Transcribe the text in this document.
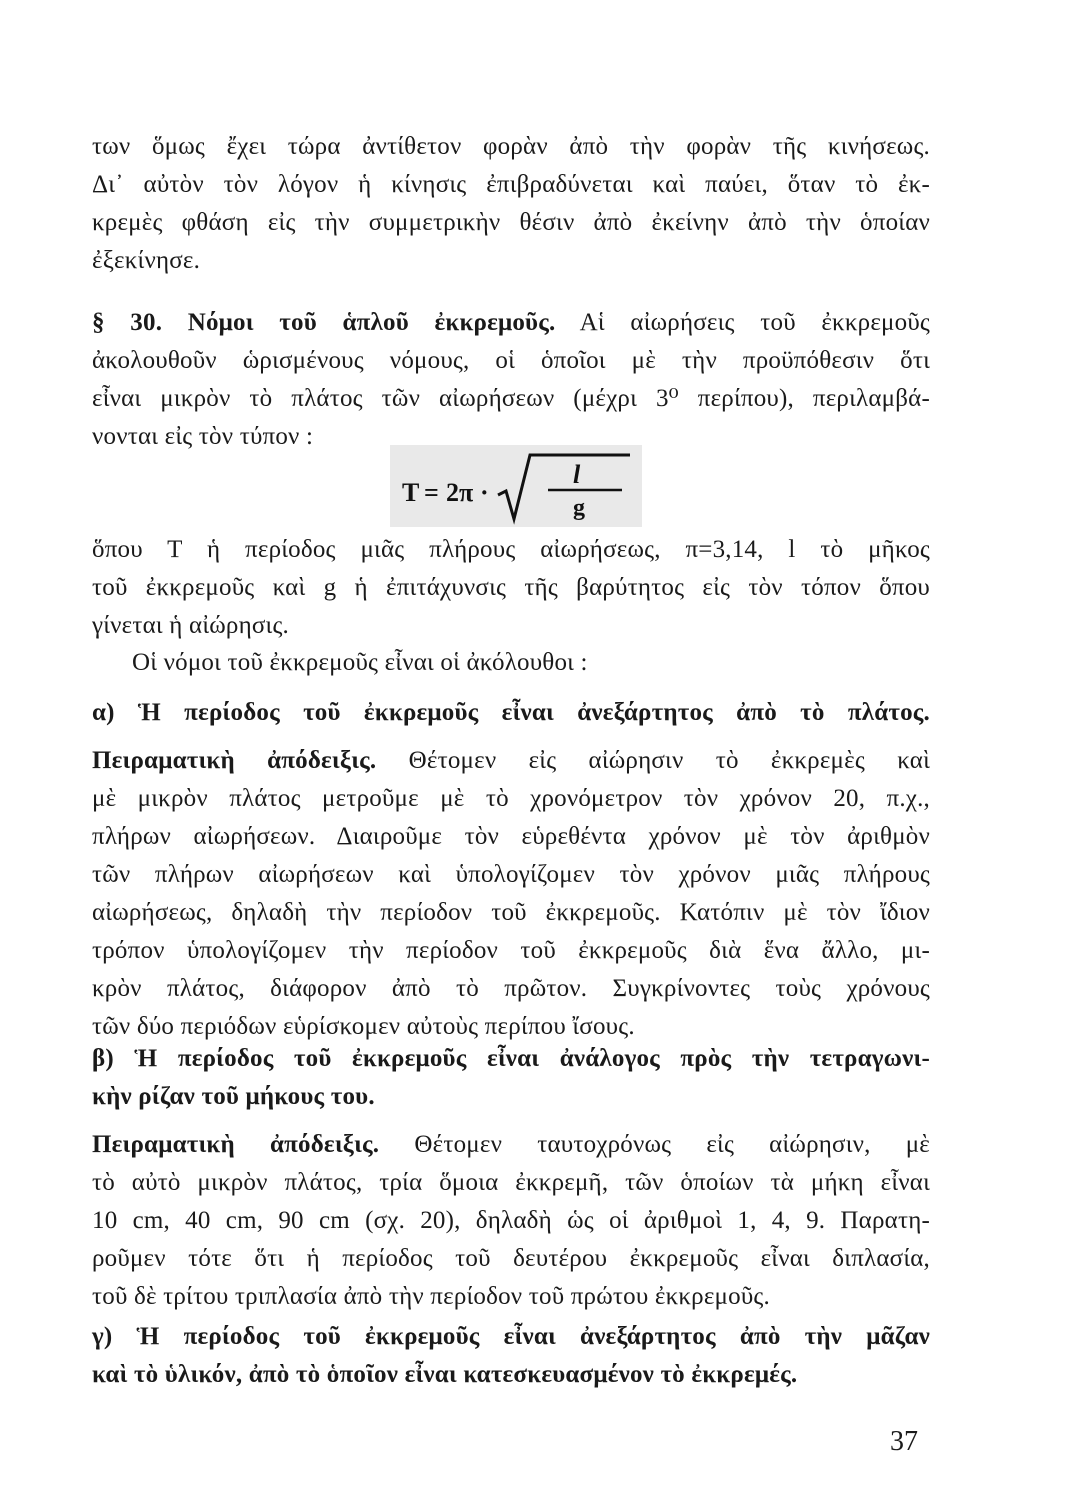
των ὅμως ἔχει τώρα ἀντίθετον φορὰν ἀπὸ τὴν φορὰν τῆς κινήσεως.
Δι᾿ αὐτὸν τὸν λόγον ἡ κίνησις ἐπιβραδύνεται καὶ παύει, ὅταν τὸ ἐκ-
κρεμὲς φθάση εἰς τὴν συμμετρικὴν θέσιν ἀπὸ ἐκείνην ἀπὸ τὴν ὁποίαν
ἐξεκίνησε.
§ 30. Νόμοι τοῦ ἁπλοῦ ἐκκρεμοῦς. Αἱ αἰωρήσεις τοῦ ἐκκρεμοῦς
ἀκολουθοῦν ὡρισμένους νόμους, οἱ ὁποῖοι μὲ τὴν προϋπόθεσιν ὅτι
εἶναι μικρὸν τὸ πλάτος τῶν αἰωρήσεων (μέχρι 3⁰ περίπου), περιλαμβά-
νονται εἰς τὸν τύπον :
T = 2π ·
l
g
ὅπου Τ ἡ περίοδος μιᾶς πλήρους αἰωρήσεως, π=3,14, l τὸ μῆκος
τοῦ ἐκκρεμοῦς καὶ g ἡ ἐπιτάχυνσις τῆς βαρύτητος εἰς τὸν τόπον ὅπου
γίνεται ἡ αἰώρησις.
Οἱ νόμοι τοῦ ἐκκρεμοῦς εἶναι οἱ ἀκόλουθοι :
α) Ἡ περίοδος τοῦ ἐκκρεμοῦς εἶναι ἀνεξάρτητος ἀπὸ τὸ πλάτος.
Πειραματικὴ ἀπόδειξις. Θέτομεν εἰς αἰώρησιν τὸ ἐκκρεμὲς καὶ
μὲ μικρὸν πλάτος μετροῦμε μὲ τὸ χρονόμετρον τὸν χρόνον 20, π.χ.,
πλήρων αἰωρήσεων. Διαιροῦμε τὸν εὑρεθέντα χρόνον μὲ τὸν ἀριθμὸν
τῶν πλήρων αἰωρήσεων καὶ ὑπολογίζομεν τὸν χρόνον μιᾶς πλήρους
αἰωρήσεως, δηλαδὴ τὴν περίοδον τοῦ ἐκκρεμοῦς. Κατόπιν μὲ τὸν ἴδιον
τρόπον ὑπολογίζομεν τὴν περίοδον τοῦ ἐκκρεμοῦς διὰ ἕνα ἄλλο, μι-
κρὸν πλάτος, διάφορον ἀπὸ τὸ πρῶτον. Συγκρίνοντες τοὺς χρόνους
τῶν δύο περιόδων εὑρίσκομεν αὐτοὺς περίπου ἴσους.
β) Ἡ περίοδος τοῦ ἐκκρεμοῦς εἶναι ἀνάλογος πρὸς τὴν τετραγωνι-
κὴν ρίζαν τοῦ μήκους του.
Πειραματικὴ ἀπόδειξις. Θέτομεν ταυτοχρόνως εἰς αἰώρησιν, μὲ
τὸ αὐτὸ μικρὸν πλάτος, τρία ὅμοια ἐκκρεμῆ, τῶν ὁποίων τὰ μήκη εἶναι
10 cm, 40 cm, 90 cm (σχ. 20), δηλαδὴ ὡς οἱ ἀριθμοὶ 1, 4, 9. Παρατη-
ροῦμεν τότε ὅτι ἡ περίοδος τοῦ δευτέρου ἐκκρεμοῦς εἶναι διπλασία,
τοῦ δὲ τρίτου τριπλασία ἀπὸ τὴν περίοδον τοῦ πρώτου ἐκκρεμοῦς.
γ) Ἡ περίοδος τοῦ ἐκκρεμοῦς εἶναι ἀνεξάρτητος ἀπὸ τὴν μᾶζαν
καὶ τὸ ὑλικόν, ἀπὸ τὸ ὁποῖον εἶναι κατεσκευασμένον τὸ ἐκκρεμές.
37
